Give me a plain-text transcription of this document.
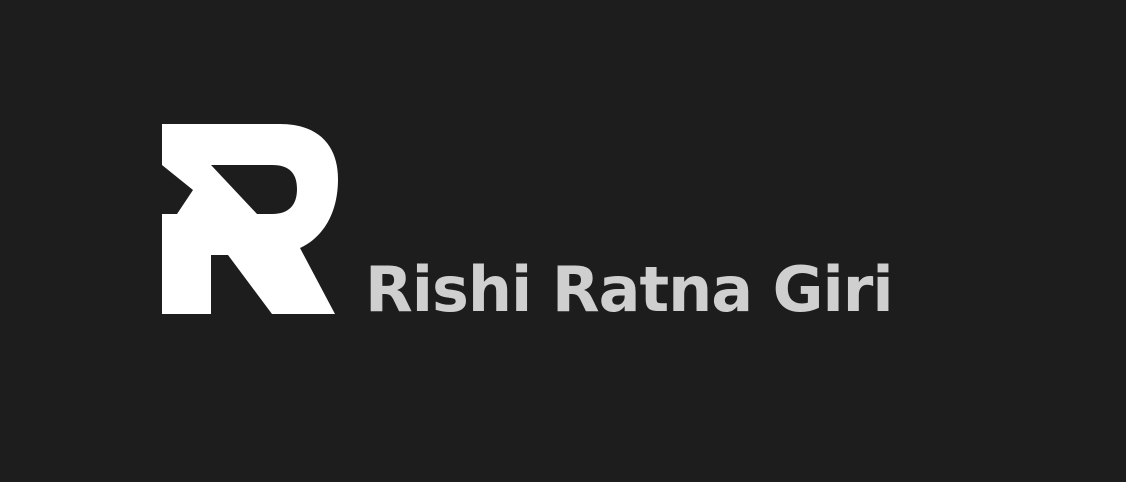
Rishi Ratna Giri
